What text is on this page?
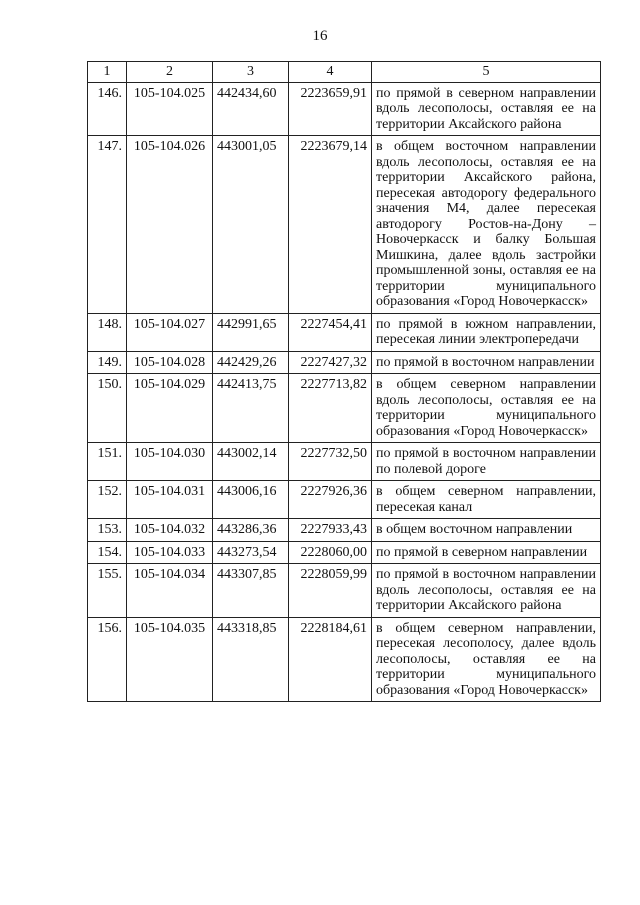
16
1	2	3	4	5
146.	105-104.025	442434,60	2223659,91	по прямой в северном направлении вдоль лесополосы, оставляя ее на территории Аксайского района
147.	105-104.026	443001,05	2223679,14	в общем восточном направлении вдоль лесополосы, оставляя ее на территории Аксайского района, пересекая автодорогу федерального значения М4, далее пересекая автодорогу Ростов-на-Дону – Новочеркасск и балку Большая Мишкина, далее вдоль застройки промышленной зоны, оставляя ее на территории муниципального образования «Город Новочеркасск»
148.	105-104.027	442991,65	2227454,41	по прямой в южном направлении, пересекая линии электропередачи
149.	105-104.028	442429,26	2227427,32	по прямой в восточном направлении
150.	105-104.029	442413,75	2227713,82	в общем северном направлении вдоль лесополосы, оставляя ее на территории муниципального образования «Город Новочеркасск»
151.	105-104.030	443002,14	2227732,50	по прямой в восточном направлении по полевой дороге
152.	105-104.031	443006,16	2227926,36	в общем северном направлении, пересекая канал
153.	105-104.032	443286,36	2227933,43	в общем восточном направлении
154.	105-104.033	443273,54	2228060,00	по прямой в северном направлении
155.	105-104.034	443307,85	2228059,99	по прямой в восточном направлении вдоль лесополосы, оставляя ее на территории Аксайского района
156.	105-104.035	443318,85	2228184,61	в общем северном направлении, пересекая лесополосу, далее вдоль лесополосы, оставляя ее на территории муниципального образования «Город Новочеркасск»
